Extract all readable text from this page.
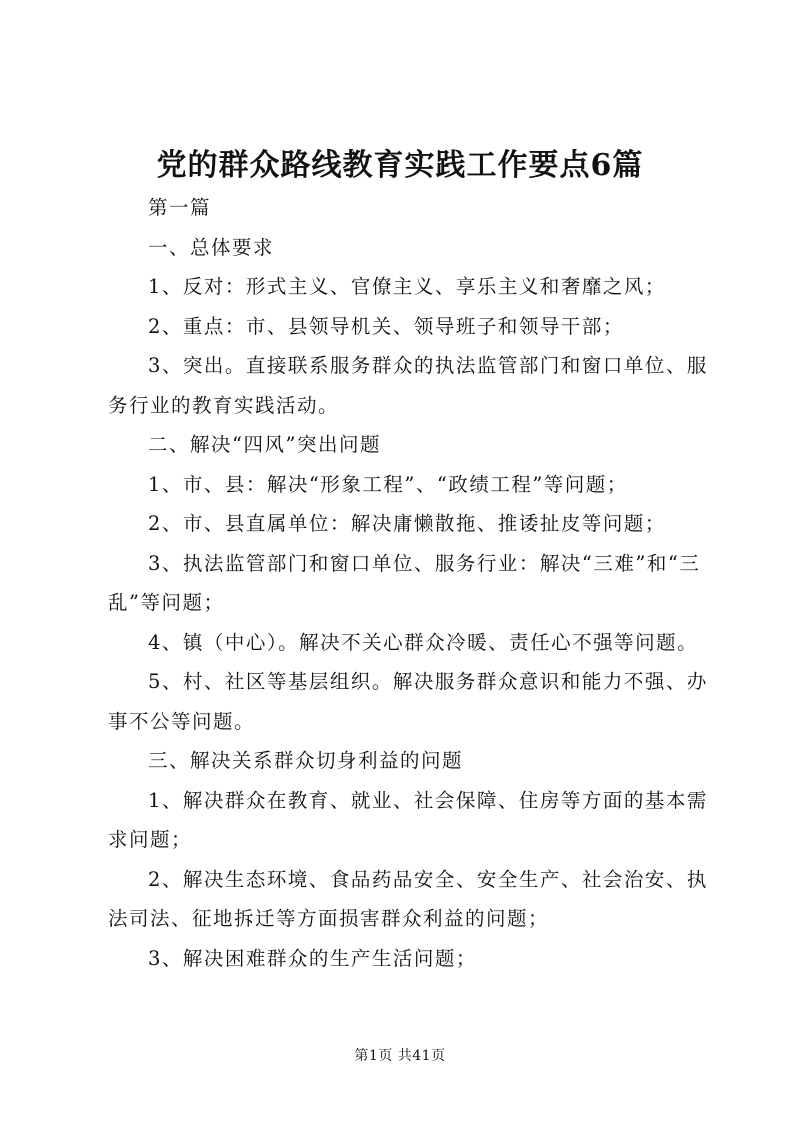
党的群众路线教育实践工作要点6篇

第一篇

一、总体要求

1、反对：形式主义、官僚主义、享乐主义和奢靡之风；

2、重点：市、县领导机关、领导班子和领导干部；

3、突出。直接联系服务群众的执法监管部门和窗口单位、服务行业的教育实践活动。

二、解决“四风”突出问题

1、市、县：解决“形象工程”、“政绩工程”等问题；

2、市、县直属单位：解决庸懒散拖、推诿扯皮等问题；

3、执法监管部门和窗口单位、服务行业：解决“三难”和“三乱”等问题；

4、镇（中心）。解决不关心群众冷暖、责任心不强等问题。

5、村、社区等基层组织。解决服务群众意识和能力不强、办事不公等问题。

三、解决关系群众切身利益的问题

1、解决群众在教育、就业、社会保障、住房等方面的基本需求问题；

2、解决生态环境、食品药品安全、安全生产、社会治安、执法司法、征地拆迁等方面损害群众利益的问题；

3、解决困难群众的生产生活问题；

第1页 共41页
